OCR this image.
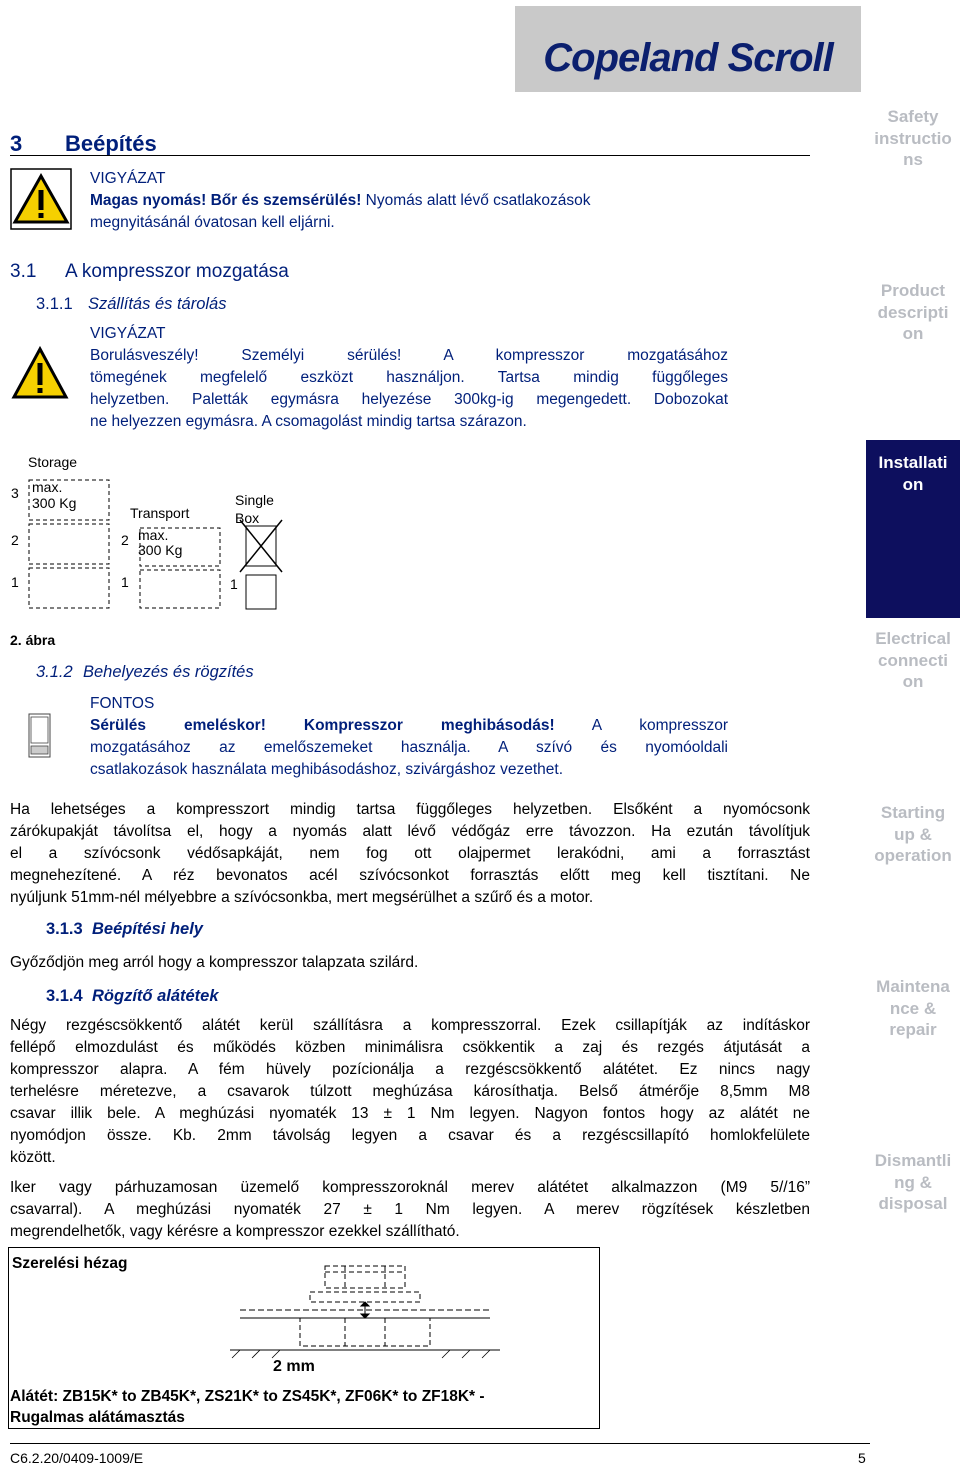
Copeland Scroll
3 Beépítés
VIGYÁZAT
Magas nyomás! Bőr és szemsérülés! Nyomás alatt lévő csatlakozások
megnyitásánál óvatosan kell eljárni.
3.1 A kompresszor mozgatása
3.1.1 Szállítás és tárolás
VIGYÁZAT
Borulásveszély! Személyi sérülés! A kompresszor mozgatásához
tömegének megfelelő eszközt használjon. Tartsa mindig függőleges
helyzetben. Paletták egymásra helyezése 300kg-ig megengedett. Dobozokat
ne helyezzen egymásra. A csomagolást mindig tartsa szárazon.
Storage
max.
300 Kg
3
2
1
Transport
max.
300 Kg
2
1
Single
Box
1
2. ábra
3.1.2 Behelyezés és rögzítés
FONTOS
Sérülés emeléskor! Kompresszor meghibásodás! A kompresszor
mozgatásához az emelőszemeket használja. A szívó és nyomóoldali
csatlakozások használata meghibásodáshoz, szivárgáshoz vezethet.
Ha lehetséges a kompresszort mindig tartsa függőleges helyzetben. Elsőként a nyomócsonk
zárókupakját távolítsa el, hogy a nyomás alatt lévő védőgáz erre távozzon. Ha ezután távolítjuk
el a szívócsonk védősapkáját, nem fog ott olajpermet lerakódni, ami a forrasztást
megnehezítené. A réz bevonatos acél szívócsonkot forrasztás előtt meg kell tisztítani. Ne
nyúljunk 51mm-nél mélyebbre a szívócsonkba, mert megsérülhet a szűrő és a motor.
3.1.3 Beépítési hely
Győződjön meg arról hogy a kompresszor talapzata szilárd.
3.1.4 Rögzítő alátétek
Négy rezgéscsökkentő alátét kerül szállításra a kompresszorral. Ezek csillapítják az indításkor
fellépő elmozdulást és működés közben minimálisra csökkentik a zaj és rezgés átjutását a
kompresszor alapra. A fém hüvely pozícionálja a rezgéscsökkentő alátétet. Ez nincs nagy
terhelésre méretezve, a csavarok túlzott meghúzása károsíthatja. Belső átmérője 8,5mm M8
csavar illik bele. A meghúzási nyomaték 13 ± 1 Nm legyen. Nagyon fontos hogy az alátét ne
nyomódjon össze. Kb. 2mm távolság legyen a csavar és a rezgéscsillapító homlokfelülete
között.
Iker vagy párhuzamosan üzemelő kompresszoroknál merev alátétet alkalmazzon (M9 5//16”
csavarral). A meghúzási nyomaték 27 ± 1 Nm legyen. A merev rögzítések készletben
megrendelhetők, vagy kérésre a kompresszor ezekkel szállítható.
Szerelési hézag
2 mm
Alátét: ZB15K* to ZB45K*, ZS21K* to ZS45K*, ZF06K* to ZF18K* -
Rugalmas alátámasztás
C6.2.20/0409-1009/E	5
Safety
instructio
ns
Product
descripti
on
Installati
on
Electrical
connecti
on
Starting
up &
operation
Maintena
nce &
repair
Dismantli
ng &
disposal
